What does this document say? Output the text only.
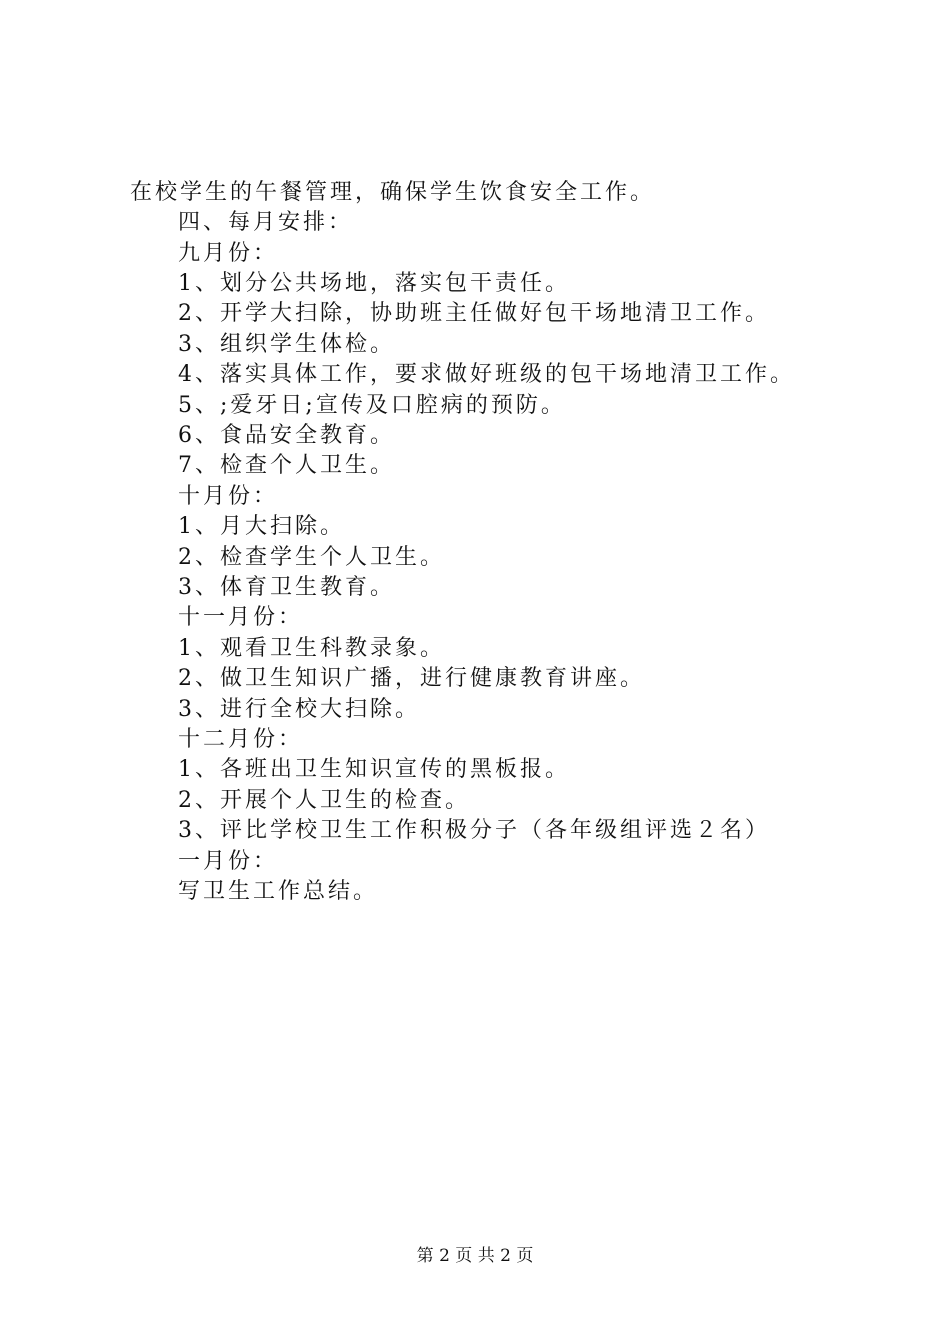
在校学生的午餐管理，确保学生饮食安全工作。
四、每月安排：
九月份：
1、划分公共场地，落实包干责任。
2、开学大扫除，协助班主任做好包干场地清卫工作。
3、组织学生体检。
4、落实具体工作，要求做好班级的包干场地清卫工作。
5、;爱牙日;宣传及口腔病的预防。
6、食品安全教育。
7、检查个人卫生。
十月份：
1、月大扫除。
2、检查学生个人卫生。
3、体育卫生教育。
十一月份：
1、观看卫生科教录象。
2、做卫生知识广播，进行健康教育讲座。
3、进行全校大扫除。
十二月份：
1、各班出卫生知识宣传的黑板报。
2、开展个人卫生的检查。
3、评比学校卫生工作积极分子（各年级组评选２名）
一月份：
写卫生工作总结。
第 2 页 共 2 页
